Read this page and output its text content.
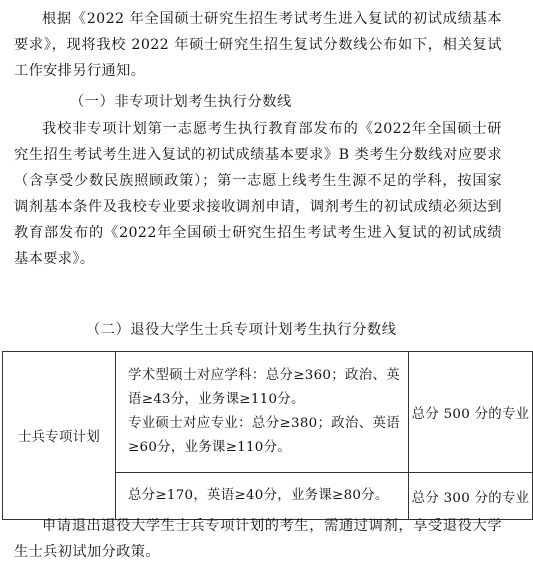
根据《2022 年全国硕士研究生招生考试考生进入复试的初试成绩基本要求》，现将我校 2022 年硕士研究生招生复试分数线公布如下，相关复试工作安排另行通知。

（一）非专项计划考生执行分数线

我校非专项计划第一志愿考生执行教育部发布的《2022年全国硕士研究生招生考试考生进入复试的初试成绩基本要求》B 类考生分数线对应要求（含享受少数民族照顾政策）；第一志愿上线考生生源不足的学科，按国家调剂基本条件及我校专业要求接收调剂申请，调剂考生的初试成绩必须达到教育部发布的《2022年全国硕士研究生招生考试考生进入复试的初试成绩基本要求》。

（二）退役大学生士兵专项计划考生执行分数线

士兵专项计划	学术型硕士对应学科：总分≥360；政治、英语≥43分，业务课≥110分。
专业硕士对应专业：总分≥380；政治、英语≥60分，业务课≥110分。	总分 500 分的专业

	总分≥170，英语≥40分，业务课≥80分。	总分 300 分的专业

申请退出退役大学生士兵专项计划的考生，需通过调剂，享受退役大学生士兵初试加分政策。
